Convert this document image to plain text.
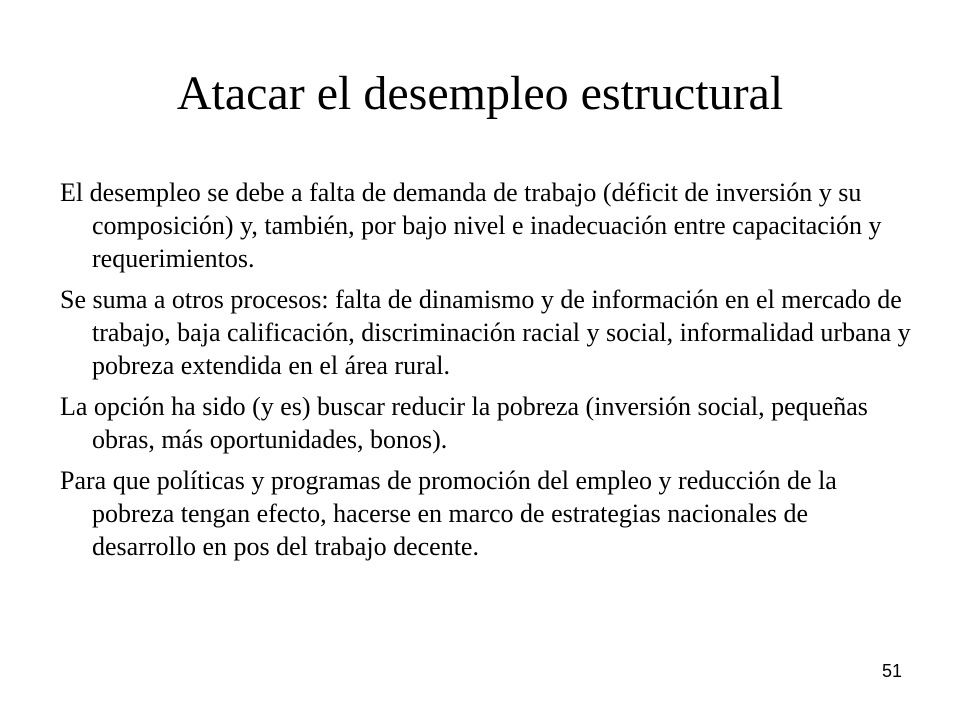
Atacar el desempleo estructural
El desempleo se debe a falta de demanda de trabajo (déficit de inversión y su composición) y, también, por bajo nivel e inadecuación entre capacitación y requerimientos.
Se suma a otros procesos: falta de dinamismo y de información en el mercado de trabajo, baja calificación, discriminación racial y social, informalidad urbana y pobreza extendida en el área rural.
La opción ha sido (y es) buscar reducir la pobreza (inversión social, pequeñas obras, más oportunidades, bonos).
Para que políticas y programas de promoción del empleo y reducción de la pobreza tengan efecto, hacerse en marco de estrategias nacionales de desarrollo en pos del trabajo decente.
51
